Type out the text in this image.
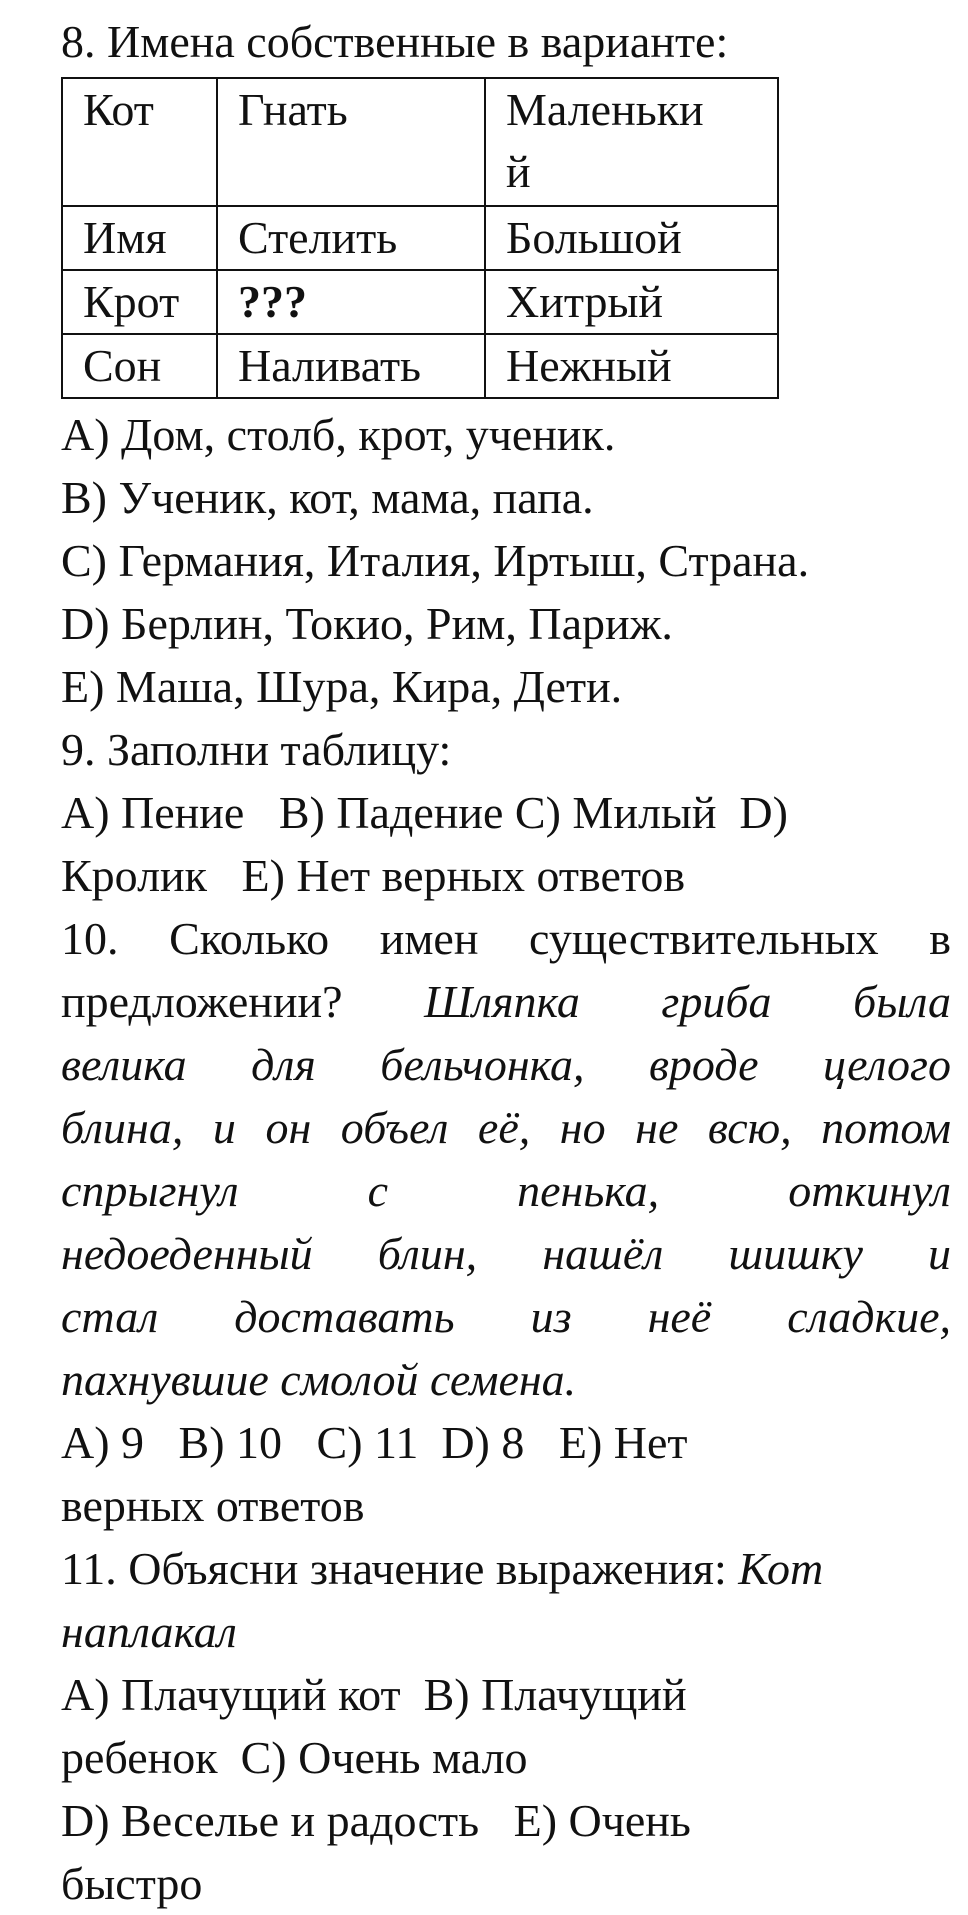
8. Имена собственные в варианте:
Кот	Гнать	Маленьки
й

Имя	Стелить	Большой
Крот	???	Хитрый
Сон	Наливать	Нежный
A) Дом, столб, крот, ученик.
B) Ученик, кот, мама, папа.
C) Германия, Италия, Иртыш, Страна.
D) Берлин, Токио, Рим, Париж.
E) Маша, Шура, Кира, Дети.
9. Заполни таблицу:
A) Пение   B) Падение C) Милый  D)
Кролик   E) Нет верных ответов
10. Сколько имен существительных в
предложении? Шляпка гриба была
велика для бельчонка, вроде целого
блина, и он объел её, но не всю, потом
спрыгнул с пенька, откинул
недоеденный блин, нашёл шишку и
стал доставать из неё сладкие,
пахнувшие смолой семена.
A) 9   B) 10   C) 11  D) 8   E) Нет
верных ответов
11. Объясни значение выражения: Кот
наплакал
A) Плачущий кот  B) Плачущий
ребенок  C) Очень мало
D) Веселье и радость   E) Очень
быстро
